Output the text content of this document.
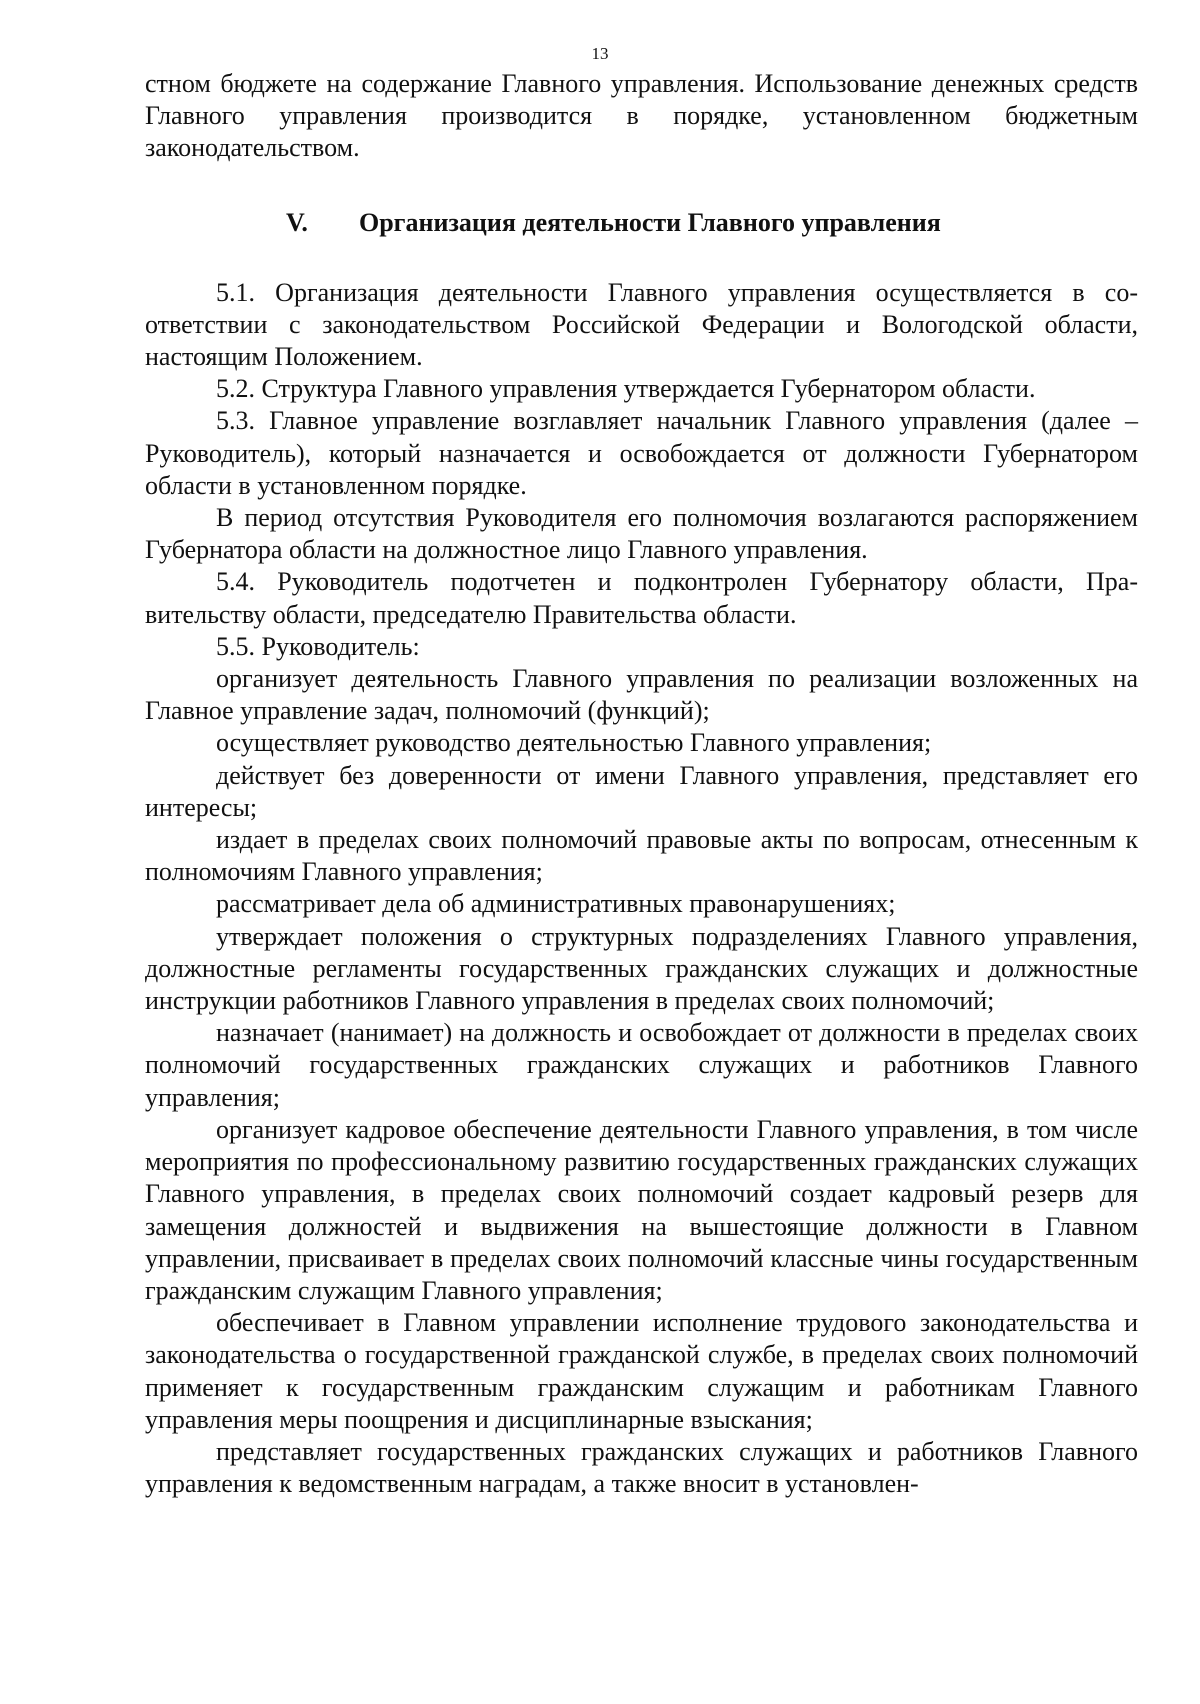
13

стном бюджете на содержание Главного управления. Использование денежных средств Главного управления производится в порядке, установленном бюджетным законодательством.

V. Организация деятельности Главного управления

5.1. Организация деятельности Главного управления осуществляется в соответствии с законодательством Российской Федерации и Вологодской области, настоящим Положением.

5.2. Структура Главного управления утверждается Губернатором области.

5.3. Главное управление возглавляет начальник Главного управления (далее – Руководитель), который назначается и освобождается от должности Губернатором области в установленном порядке.

В период отсутствия Руководителя его полномочия возлагаются распоряжением Губернатора области на должностное лицо Главного управления.

5.4. Руководитель подотчетен и подконтролен Губернатору области, Правительству области, председателю Правительства области.

5.5. Руководитель:

организует деятельность Главного управления по реализации возложенных на Главное управление задач, полномочий (функций);

осуществляет руководство деятельностью Главного управления;

действует без доверенности от имени Главного управления, представляет его интересы;

издает в пределах своих полномочий правовые акты по вопросам, отнесенным к полномочиям Главного управления;

рассматривает дела об административных правонарушениях;

утверждает положения о структурных подразделениях Главного управления, должностные регламенты государственных гражданских служащих и должностные инструкции работников Главного управления в пределах своих полномочий;

назначает (нанимает) на должность и освобождает от должности в пределах своих полномочий государственных гражданских служащих и работников Главного управления;

организует кадровое обеспечение деятельности Главного управления, в том числе мероприятия по профессиональному развитию государственных гражданских служащих Главного управления, в пределах своих полномочий создает кадровый резерв для замещения должностей и выдвижения на вышестоящие должности в Главном управлении, присваивает в пределах своих полномочий классные чины государственным гражданским служащим Главного управления;

обеспечивает в Главном управлении исполнение трудового законодательства и законодательства о государственной гражданской службе, в пределах своих полномочий применяет к государственным гражданским служащим и работникам Главного управления меры поощрения и дисциплинарные взыскания;

представляет государственных гражданских служащих и работников Главного управления к ведомственным наградам, а также вносит в установлен-
